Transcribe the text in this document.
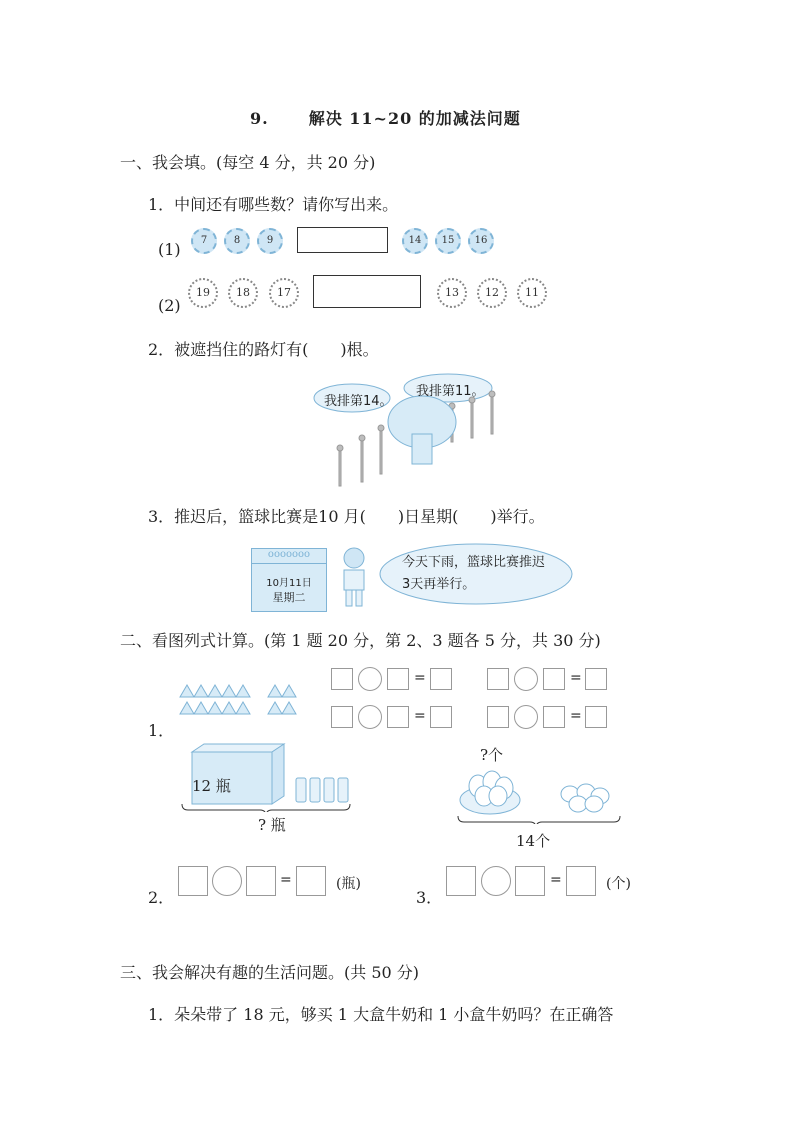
9.	解决 11~20 的加减法问题
一、我会填。(每空 4 分，共 20 分)
1．中间还有哪些数？请你写出来。
(1)	7	8	9	14	15	16
(2)
19	18	17	13	12	11
2．被遮挡住的路灯有(　　)根。
我排第14。
我排第11。
3．推迟后，篮球比赛是10 月(　　)日星期(　　)举行。
ooooooo
10月11日
星期二
今天下雨，篮球比赛推迟3天再举行。
二、看图列式计算。(第 1 题 20 分，第 2、3 题各 5 分，共 30 分)
=	=
=	=
1．
12 瓶
? 瓶
?个
14个
2．
=	(瓶)
3．
=	(个)
三、我会解决有趣的生活问题。(共 50 分)
1．朵朵带了 18 元，够买 1 大盒牛奶和 1 小盒牛奶吗？在正确答
